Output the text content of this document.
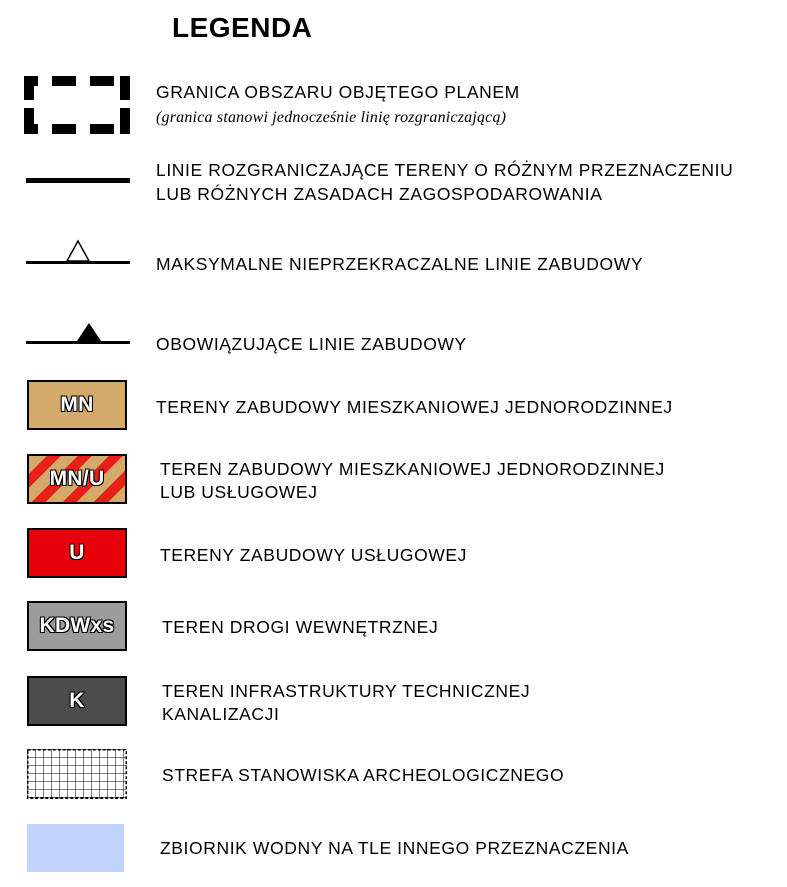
LEGENDA
GRANICA OBSZARU OBJĘTEGO PLANEM
(granica stanowi jednocześnie linię rozgraniczającą)
LINIE ROZGRANICZAJĄCE TERENY O RÓŻNYM PRZEZNACZENIU
LUB RÓŻNYCH ZASADACH ZAGOSPODAROWANIA
MAKSYMALNE NIEPRZEKRACZALNE LINIE ZABUDOWY
OBOWIĄZUJĄCE LINIE ZABUDOWY
MN	TERENY ZABUDOWY MIESZKANIOWEJ JEDNORODZINNEJ
MN/U	TEREN ZABUDOWY MIESZKANIOWEJ JEDNORODZINNEJ
LUB USŁUGOWEJ
U	TERENY ZABUDOWY USŁUGOWEJ
KDWxs	TEREN DROGI WEWNĘTRZNEJ
K	TEREN INFRASTRUKTURY TECHNICZNEJ
KANALIZACJI
STREFA STANOWISKA ARCHEOLOGICZNEGO
ZBIORNIK WODNY NA TLE INNEGO PRZEZNACZENIA
